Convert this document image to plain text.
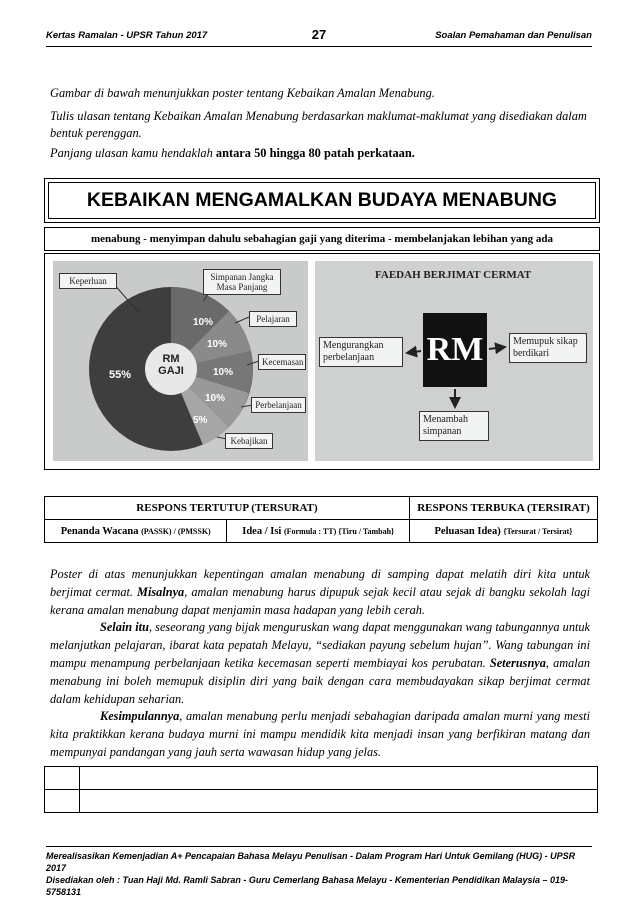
Kertas Ramalan - UPSR Tahun 2017	27	Soalan Pemahaman dan Penulisan
Gambar di bawah menunjukkan poster tentang Kebaikan Amalan Menabung.
Tulis ulasan tentang Kebaikan Amalan Menabung berdasarkan maklumat-maklumat yang disediakan dalam bentuk perenggan.
Panjang ulasan kamu hendaklah antara 50 hingga 80 patah perkataan.
KEBAIKAN MENGAMALKAN BUDAYA MENABUNG
menabung - menyimpan dahulu sebahagian gaji yang diterima - membelanjakan lebihan yang ada
Keperluan	Simpanan Jangka Masa Panjang
Pelajaran
Kecemasan
Perbelanjaan
Kebajikan
RM
GAJI
55%
10%
10%
10%
10%
5%
FAEDAH BERJIMAT CERMAT
RM
Mengurangkan perbelanjaan
Memupuk sikap berdikari
Menambah simpanan
RESPONS TERTUTUP (TERSURAT)		RESPONS TERBUKA (TERSIRAT)
Penanda Wacana (PASSK) / (PMSSK)	Idea / Isi (Formula : TT) {Tiru / Tambah}	Peluasan Idea) {Tersurat / Tersirat}

Poster di atas menunjukkan kepentingan amalan menabung di samping dapat melatih diri kita untuk berjimat cermat. Misalnya, amalan menabung harus dipupuk sejak kecil atau sejak di bangku sekolah lagi kerana amalan menabung dapat menjamin masa hadapan yang lebih cerah.

Selain itu, seseorang yang bijak menguruskan wang dapat menggunakan wang tabungannya untuk melanjutkan pelajaran, ibarat kata pepatah Melayu, “sediakan payung sebelum hujan”. Wang tabungan ini mampu menampung perbelanjaan ketika kecemasan seperti membiayai kos perubatan. Seterusnya, amalan menabung ini boleh memupuk disiplin diri yang baik dengan cara membudayakan sikap berjimat cermat dalam kehidupan seharian.

Kesimpulannya, amalan menabung perlu menjadi sebahagian daripada amalan murni yang mesti kita praktikkan kerana budaya murni ini mampu mendidik kita menjadi insan yang berfikiran matang dan mempunyai pandangan yang jauh serta wawasan hidup yang jelas.

Merealisasikan Kemenjadian A+ Pencapaian Bahasa Melayu Penulisan - Dalam Program Hari Untuk Gemilang (HUG) - UPSR 2017
Disediakan oleh : Tuan Haji Md. Ramli Sabran - Guru Cemerlang Bahasa Melayu - Kementerian Pendidikan Malaysia – 019-5758131
